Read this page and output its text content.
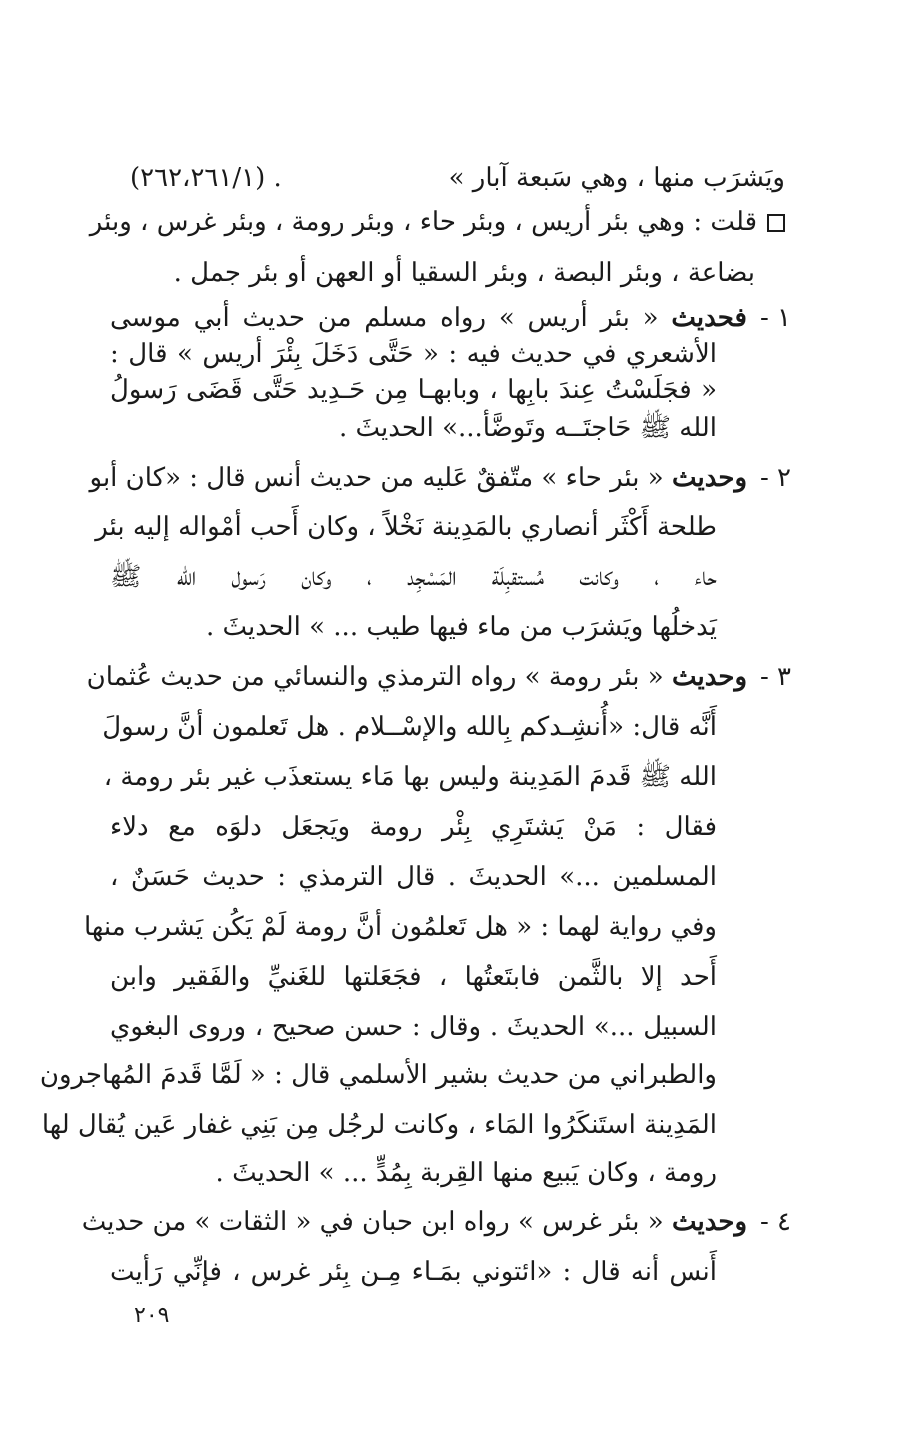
ويَشرَب منها ، وهي سَبعة آبار »
. (٢٦٢،٢٦١/١)
قلت : وهي بئر أريس ، وبئر حاء ، وبئر رومة ، وبئر غرس ، وبئر
بضاعة ، وبئر البصة ، وبئر السقيا أو العهن أو بئر جمل .
١ -
فحديث « بئر أريس » رواه مسلم من حديث أبي موسى
الأشعري في حديث فيه : « حَتَّى دَخَلَ بِئْرَ أريس » قال :
« فجَلَسْتُ عِندَ بابِها ، وبابهـا مِن حَـدِيد حَتَّى قَضَى رَسولُ
الله ﷺ حَاجتَــه وتَوضَّأ...» الحديثَ .
٢ -
وحديث « بئر حاء » متّفقٌ عَليه من حديث أنس قال : «كان أبو
طلحة أَكْثَر أنصاري بالمَدِينة نَخْلاً ، وكان أَحب أمْواله إليه بئر
حاء ، وكانت مُستقبِلَة المَسْجِد ، وكان رَسول الله ﷺ
يَدخلُها ويَشرَب من ماء فيها طيب ... » الحديثَ .
٣ -
وحديث « بئر رومة » رواه الترمذي والنسائي من حديث عُثمان
أَنَّه قال: «أُنشِـدكم بِالله والإسْــلام . هل تَعلمون أنَّ رسولَ
الله ﷺ قَدمَ المَدِينة وليس بها مَاء يستعذَب غير بئر رومة ،
فقال : مَنْ يَشتَرِي بِئْر رومة ويَجعَل دلوَه مع دلاء
المسلمين ...» الحديثَ . قال الترمذي : حديث حَسَنٌ ،
وفي رواية لهما : « هل تَعلمُون أنَّ رومة لَمْ يَكُن يَشرب منها
أَحد إلا بالثَّمن فابتَعتُها ، فجَعَلتها للغَنيِّ والفَقير وابن
السبيل ...» الحديثَ . وقال : حسن صحيح ، وروى البغوي
والطبراني من حديث بشير الأسلمي قال : « لَمَّا قَدمَ المُهاجرون
المَدِينة استَنكَرُوا المَاء ، وكانت لرجُل مِن بَنِي غفار عَين يُقال لها
رومة ، وكان يَبيع منها القِربة بِمُدٍّ ... » الحديثَ .
٤ -
وحديث « بئر غرس » رواه ابن حبان في « الثقات » من حديث
أَنس أنه قال : «ائتوني بمَـاء مِـن بِئر غرس ، فإنِّي رَأيت
٢٠٩
